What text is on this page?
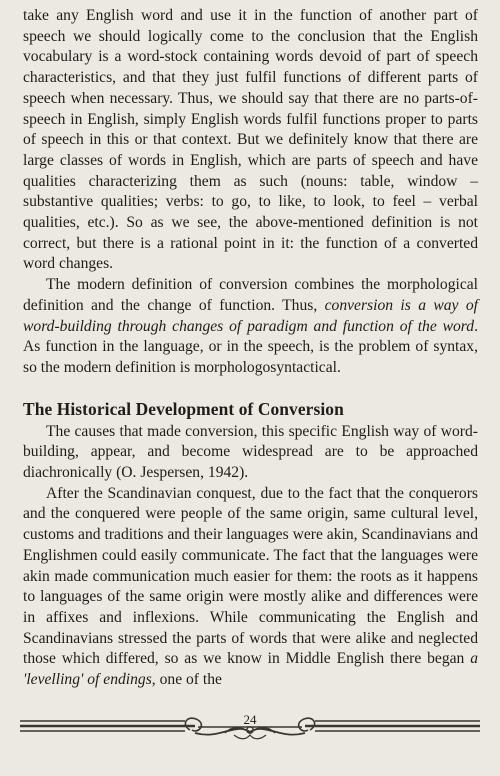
take any English word and use it in the function of another part of speech we should logically come to the conclusion that the English vocabulary is a word-stock containing words devoid of part of speech characteristics, and that they just fulfil functions of different parts of speech when necessary. Thus, we should say that there are no parts-of-speech in English, simply English words fulfil functions proper to parts of speech in this or that context. But we definitely know that there are large classes of words in English, which are parts of speech and have qualities characterizing them as such (nouns: table, window – substantive qualities; verbs: to go, to like, to look, to feel – verbal qualities, etc.). So as we see, the above-mentioned definition is not correct, but there is a rational point in it: the function of a converted word changes.

The modern definition of conversion combines the morphological definition and the change of function. Thus, conversion is a way of word-building through changes of paradigm and function of the word. As function in the language, or in the speech, is the problem of syntax, so the modern definition is morphologosyntactical.

The Historical Development of Conversion

The causes that made conversion, this specific English way of word-building, appear, and become widespread are to be approached diachronically (O. Jespersen, 1942).

After the Scandinavian conquest, due to the fact that the conquerors and the conquered were people of the same origin, same cultural level, customs and traditions and their languages were akin, Scandinavians and Englishmen could easily communicate. The fact that the languages were akin made communication much easier for them: the roots as it happens to languages of the same origin were mostly alike and differences were in affixes and inflexions. While communicating the English and Scandinavians stressed the parts of words that were alike and neglected those which differed, so as we know in Middle English there began a 'levelling' of endings, one of the

24
